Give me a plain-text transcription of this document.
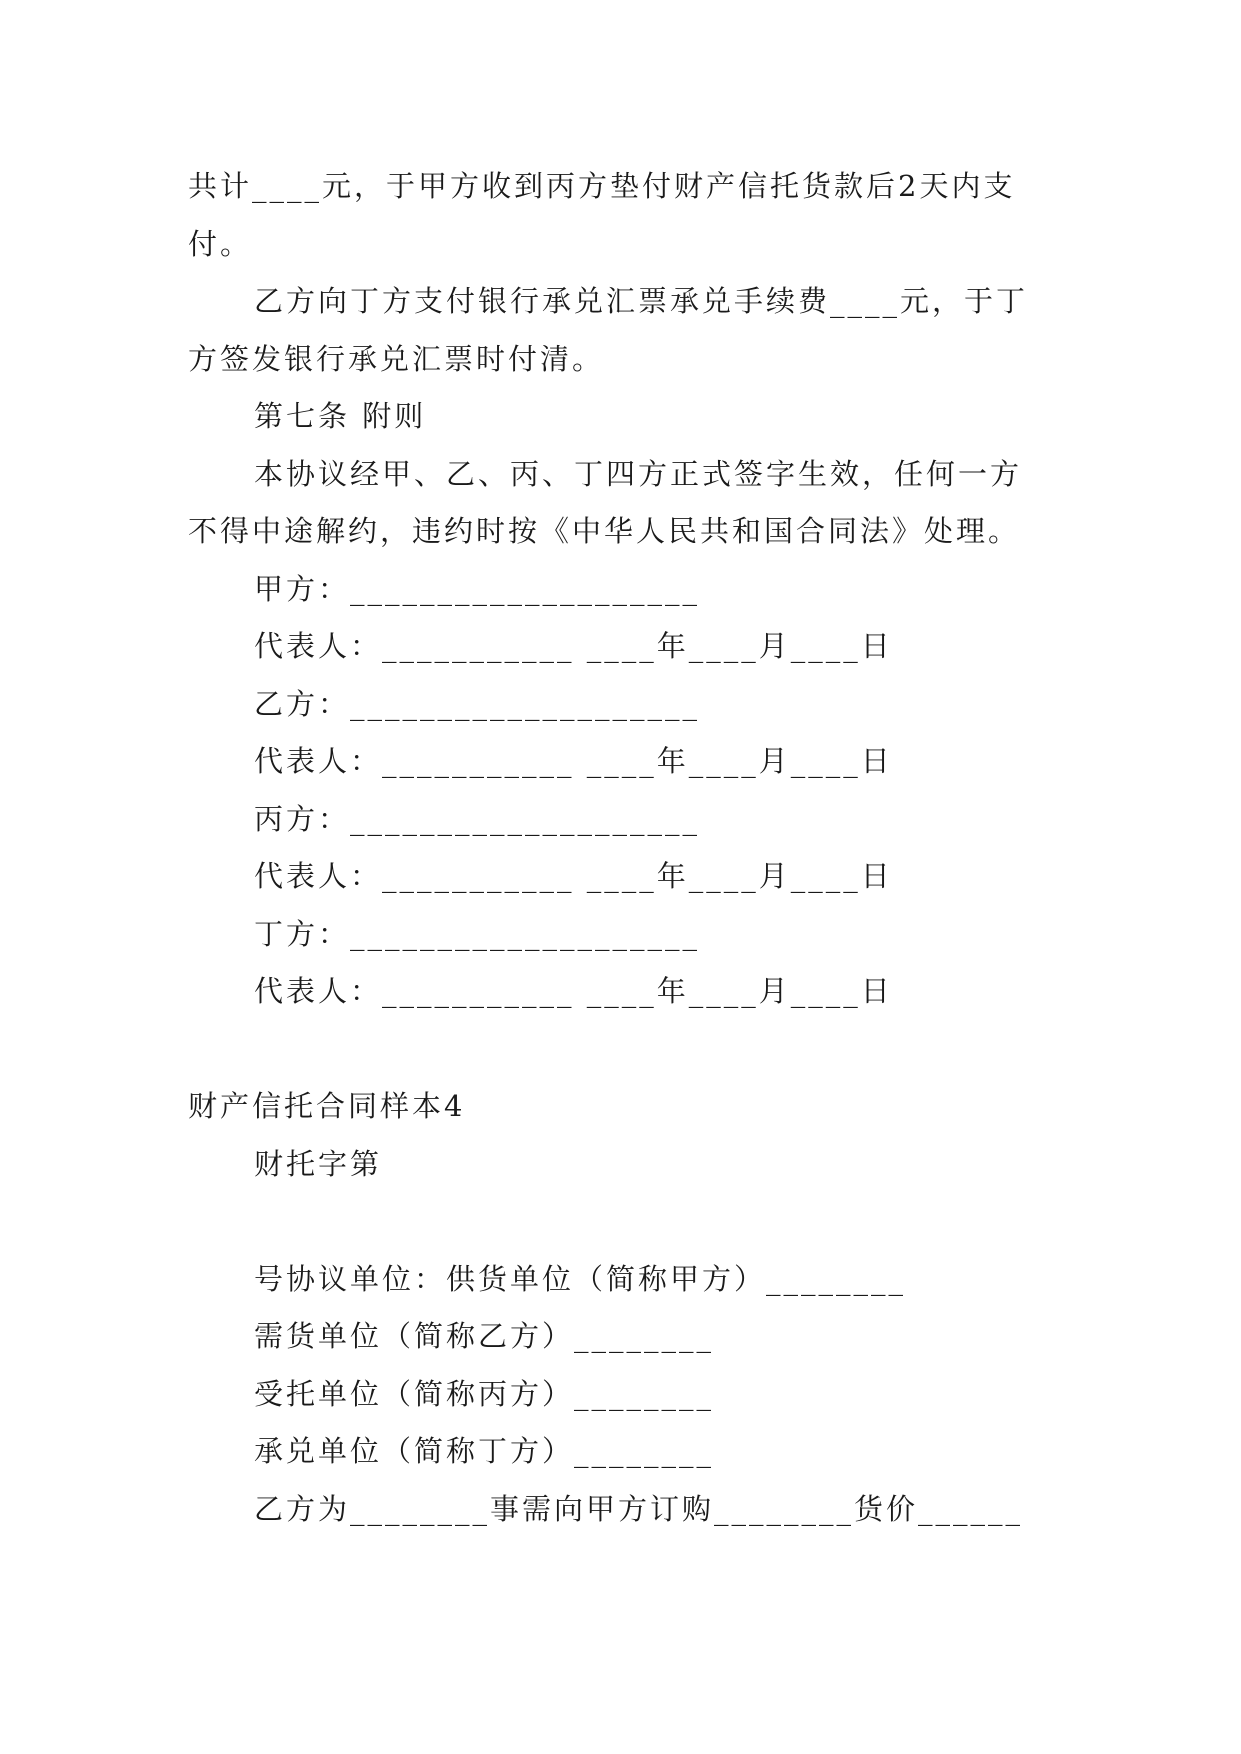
共计____元，于甲方收到丙方垫付财产信托货款后2天内支
付。
乙方向丁方支付银行承兑汇票承兑手续费____元，于丁
方签发银行承兑汇票时付清。
第七条 附则
本协议经甲、乙、丙、丁四方正式签字生效，任何一方
不得中途解约，违约时按《中华人民共和国合同法》处理。
甲方：____________________
代表人：___________ ____年____月____日
乙方：____________________
代表人：___________ ____年____月____日
丙方：____________________
代表人：___________ ____年____月____日
丁方：____________________
代表人：___________ ____年____月____日
财产信托合同样本4
财托字第
号协议单位：供货单位（简称甲方）________
需货单位（简称乙方）________
受托单位（简称丙方）________
承兑单位（简称丁方）________
乙方为________事需向甲方订购________货价______
